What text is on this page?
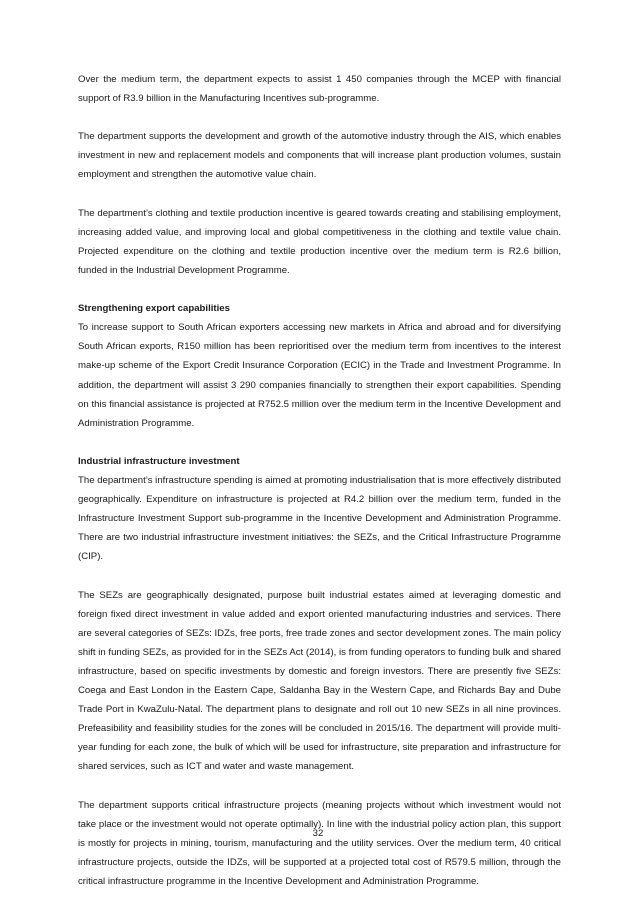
Over the medium term, the department expects to assist 1 450 companies through the MCEP with financial support of R3.9 billion in the Manufacturing Incentives sub-programme.

The department supports the development and growth of the automotive industry through the AIS, which enables investment in new and replacement models and components that will increase plant production volumes, sustain employment and strengthen the automotive value chain.

The department’s clothing and textile production incentive is geared towards creating and stabilising employment, increasing added value, and improving local and global competitiveness in the clothing and textile value chain. Projected expenditure on the clothing and textile production incentive over the medium term is R2.6 billion, funded in the Industrial Development Programme.

Strengthening export capabilities

To increase support to South African exporters accessing new markets in Africa and abroad and for diversifying South African exports, R150 million has been reprioritised over the medium term from incentives to the interest make-up scheme of the Export Credit Insurance Corporation (ECIC) in the Trade and Investment Programme. In addition, the department will assist 3 290 companies financially to strengthen their export capabilities. Spending on this financial assistance is projected at R752.5 million over the medium term in the Incentive Development and Administration Programme.

Industrial infrastructure investment

The department’s infrastructure spending is aimed at promoting industrialisation that is more effectively distributed geographically. Expenditure on infrastructure is projected at R4.2 billion over the medium term, funded in the Infrastructure Investment Support sub-programme in the Incentive Development and Administration Programme. There are two industrial infrastructure investment initiatives: the SEZs, and the Critical Infrastructure Programme (CIP).

The SEZs are geographically designated, purpose built industrial estates aimed at leveraging domestic and foreign fixed direct investment in value added and export oriented manufacturing industries and services. There are several categories of SEZs: IDZs, free ports, free trade zones and sector development zones. The main policy shift in funding SEZs, as provided for in the SEZs Act (2014), is from funding operators to funding bulk and shared infrastructure, based on specific investments by domestic and foreign investors. There are presently five SEZs: Coega and East London in the Eastern Cape, Saldanha Bay in the Western Cape, and Richards Bay and Dube Trade Port in KwaZulu-Natal. The department plans to designate and roll out 10 new SEZs in all nine provinces. Prefeasibility and feasibility studies for the zones will be concluded in 2015/16. The department will provide multi-year funding for each zone, the bulk of which will be used for infrastructure, site preparation and infrastructure for shared services, such as ICT and water and waste management.

The department supports critical infrastructure projects (meaning projects without which investment would not take place or the investment would not operate optimally). In line with the industrial policy action plan, this support is mostly for projects in mining, tourism, manufacturing and the utility services. Over the medium term, 40 critical infrastructure projects, outside the IDZs, will be supported at a projected total cost of R579.5 million, through the critical infrastructure programme in the Incentive Development and Administration Programme.

32
